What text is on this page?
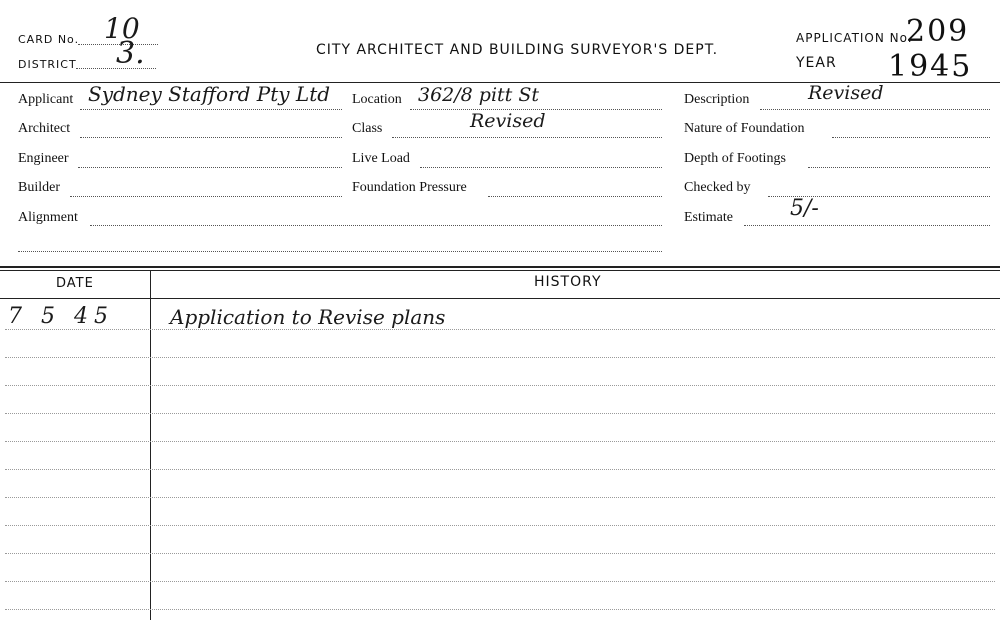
CARD No. 10
DISTRICT 3.	CITY ARCHITECT AND BUILDING SURVEYOR'S DEPT.
APPLICATION No.
209
YEAR 1945
Applicant Sydney Stafford Pty Ltd
Architect
Engineer
Builder
Alignment
Location 362/8 pitt St
Class	Revised
Live Load
Foundation Pressure
Description	Revised
Nature of Foundation
Depth of Footings
Checked by
Estimate	5/-
DATE	HISTORY
7 5 45	Application to Revise plans
